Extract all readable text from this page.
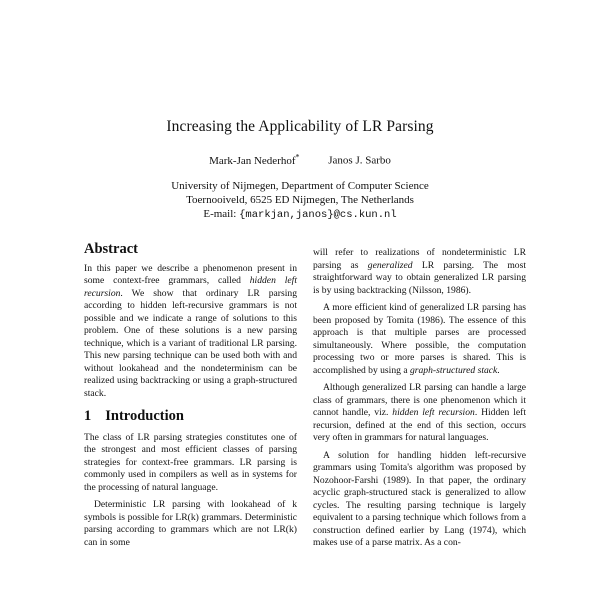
Increasing the Applicability of LR Parsing
Mark-Jan Nederhof*	Janos J. Sarbo
University of Nijmegen, Department of Computer Science
Toernooiveld, 6525 ED Nijmegen, The Netherlands
E-mail: {markjan,janos}@cs.kun.nl
Abstract

In this paper we describe a phenomenon present in some context-free grammars, called hidden left recursion. We show that ordinary LR parsing according to hidden left-recursive grammars is not possible and we indicate a range of solutions to this problem. One of these solutions is a new parsing technique, which is a variant of traditional LR parsing. This new parsing technique can be used both with and without lookahead and the nondeterminism can be realized using backtracking or using a graph-structured stack.

1 Introduction

The class of LR parsing strategies constitutes one of the strongest and most efficient classes of parsing strategies for context-free grammars. LR parsing is commonly used in compilers as well as in systems for the processing of natural language.

Deterministic LR parsing with lookahead of k symbols is possible for LR(k) grammars. Deterministic parsing according to grammars which are not LR(k) can in some

will refer to realizations of nondeterministic LR parsing as generalized LR parsing. The most straightforward way to obtain generalized LR parsing is by using backtracking (Nilsson, 1986).

A more efficient kind of generalized LR parsing has been proposed by Tomita (1986). The essence of this approach is that multiple parses are processed simultaneously. Where possible, the computation processing two or more parses is shared. This is accomplished by using a graph-structured stack.

Although generalized LR parsing can handle a large class of grammars, there is one phenomenon which it cannot handle, viz. hidden left recursion. Hidden left recursion, defined at the end of this section, occurs very often in grammars for natural languages.

A solution for handling hidden left-recursive grammars using Tomita's algorithm was proposed by Nozohoor-Farshi (1989). In that paper, the ordinary acyclic graph-structured stack is generalized to allow cycles. The resulting parsing technique is largely equivalent to a parsing technique which follows from a construction defined earlier by Lang (1974), which makes use of a parse matrix. As a con-
